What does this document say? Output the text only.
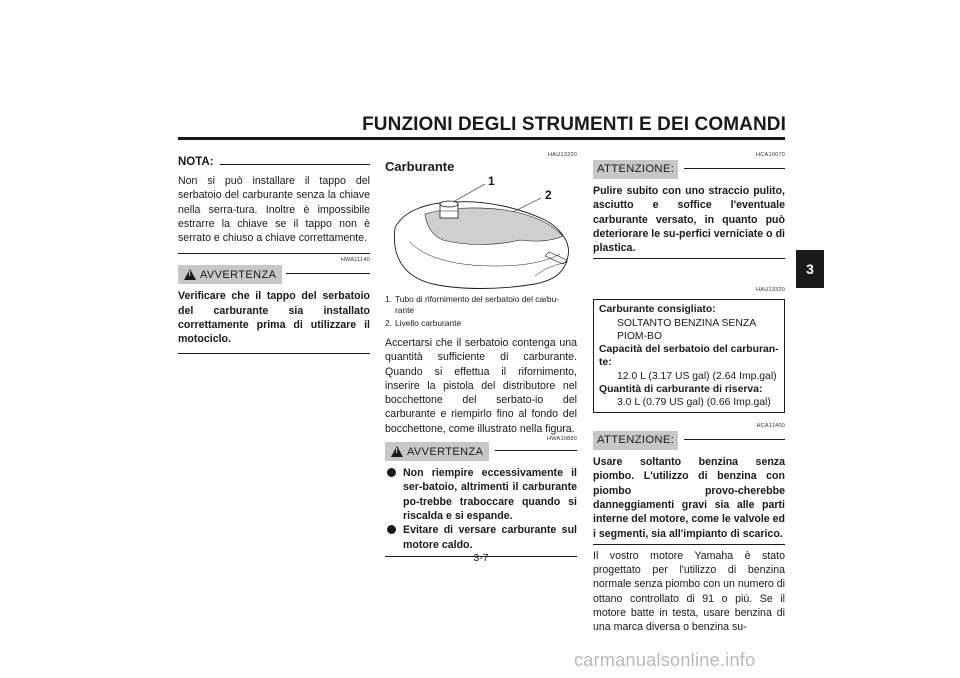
FUNZIONI DEGLI STRUMENTI E DEI COMANDI
3
NOTA:

Non si può installare il tappo del serbatoio del carburante senza la chiave nella serra-tura. Inoltre è impossibile estrarre la chiave se il tappo non è serrato e chiuso a chiave correttamente.

HWA11140
! AVVERTENZA

Verificare che il tappo del serbatoio del carburante sia installato correttamente prima di utilizzare il motociclo.

HAU13220
Carburante
1
2
1. Tubo di rifornimento del serbatoio del carbu-rante
2. Livello carburante

Accertarsi che il serbatoio contenga una quantità sufficiente di carburante. Quando si effettua il rifornimento, inserire la pistola del distributore nel bocchettone del serbato-io del carburante e riempirlo fino al fondo del bocchettone, come illustrato nella figura.

HWA10880
! AVVERTENZA
Non riempire eccessivamente il ser-batoio, altrimenti il carburante po-trebbe traboccare quando si riscalda e si espande.
Evitare di versare carburante sul motore caldo.
HCA10070
ATTENZIONE:

Pulire subito con uno straccio pulito, asciutto e soffice l'eventuale carburante versato, in quanto può deteriorare le su-perfici verniciate o di plastica.

HAU13320
Carburante consigliato:
SOLTANTO BENZINA SENZA PIOM-BO
Capacità del serbatoio del carburan-te:
12.0 L (3.17 US gal) (2.64 Imp.gal)
Quantità di carburante di riserva:
3.0 L (0.79 US gal) (0.66 Imp.gal)
HCA11400
ATTENZIONE:

Usare soltanto benzina senza piombo. L'utilizzo di benzina con piombo provo-cherebbe danneggiamenti gravi sia alle parti interne del motore, come le valvole ed i segmenti, sia all'impianto di scarico.

Il vostro motore Yamaha è stato progettato per l'utilizzo di benzina normale senza piombo con un numero di ottano controllato di 91 o più. Se il motore batte in testa, usare benzina di una marca diversa o benzina su-

3-7
carmanualsonline.info
